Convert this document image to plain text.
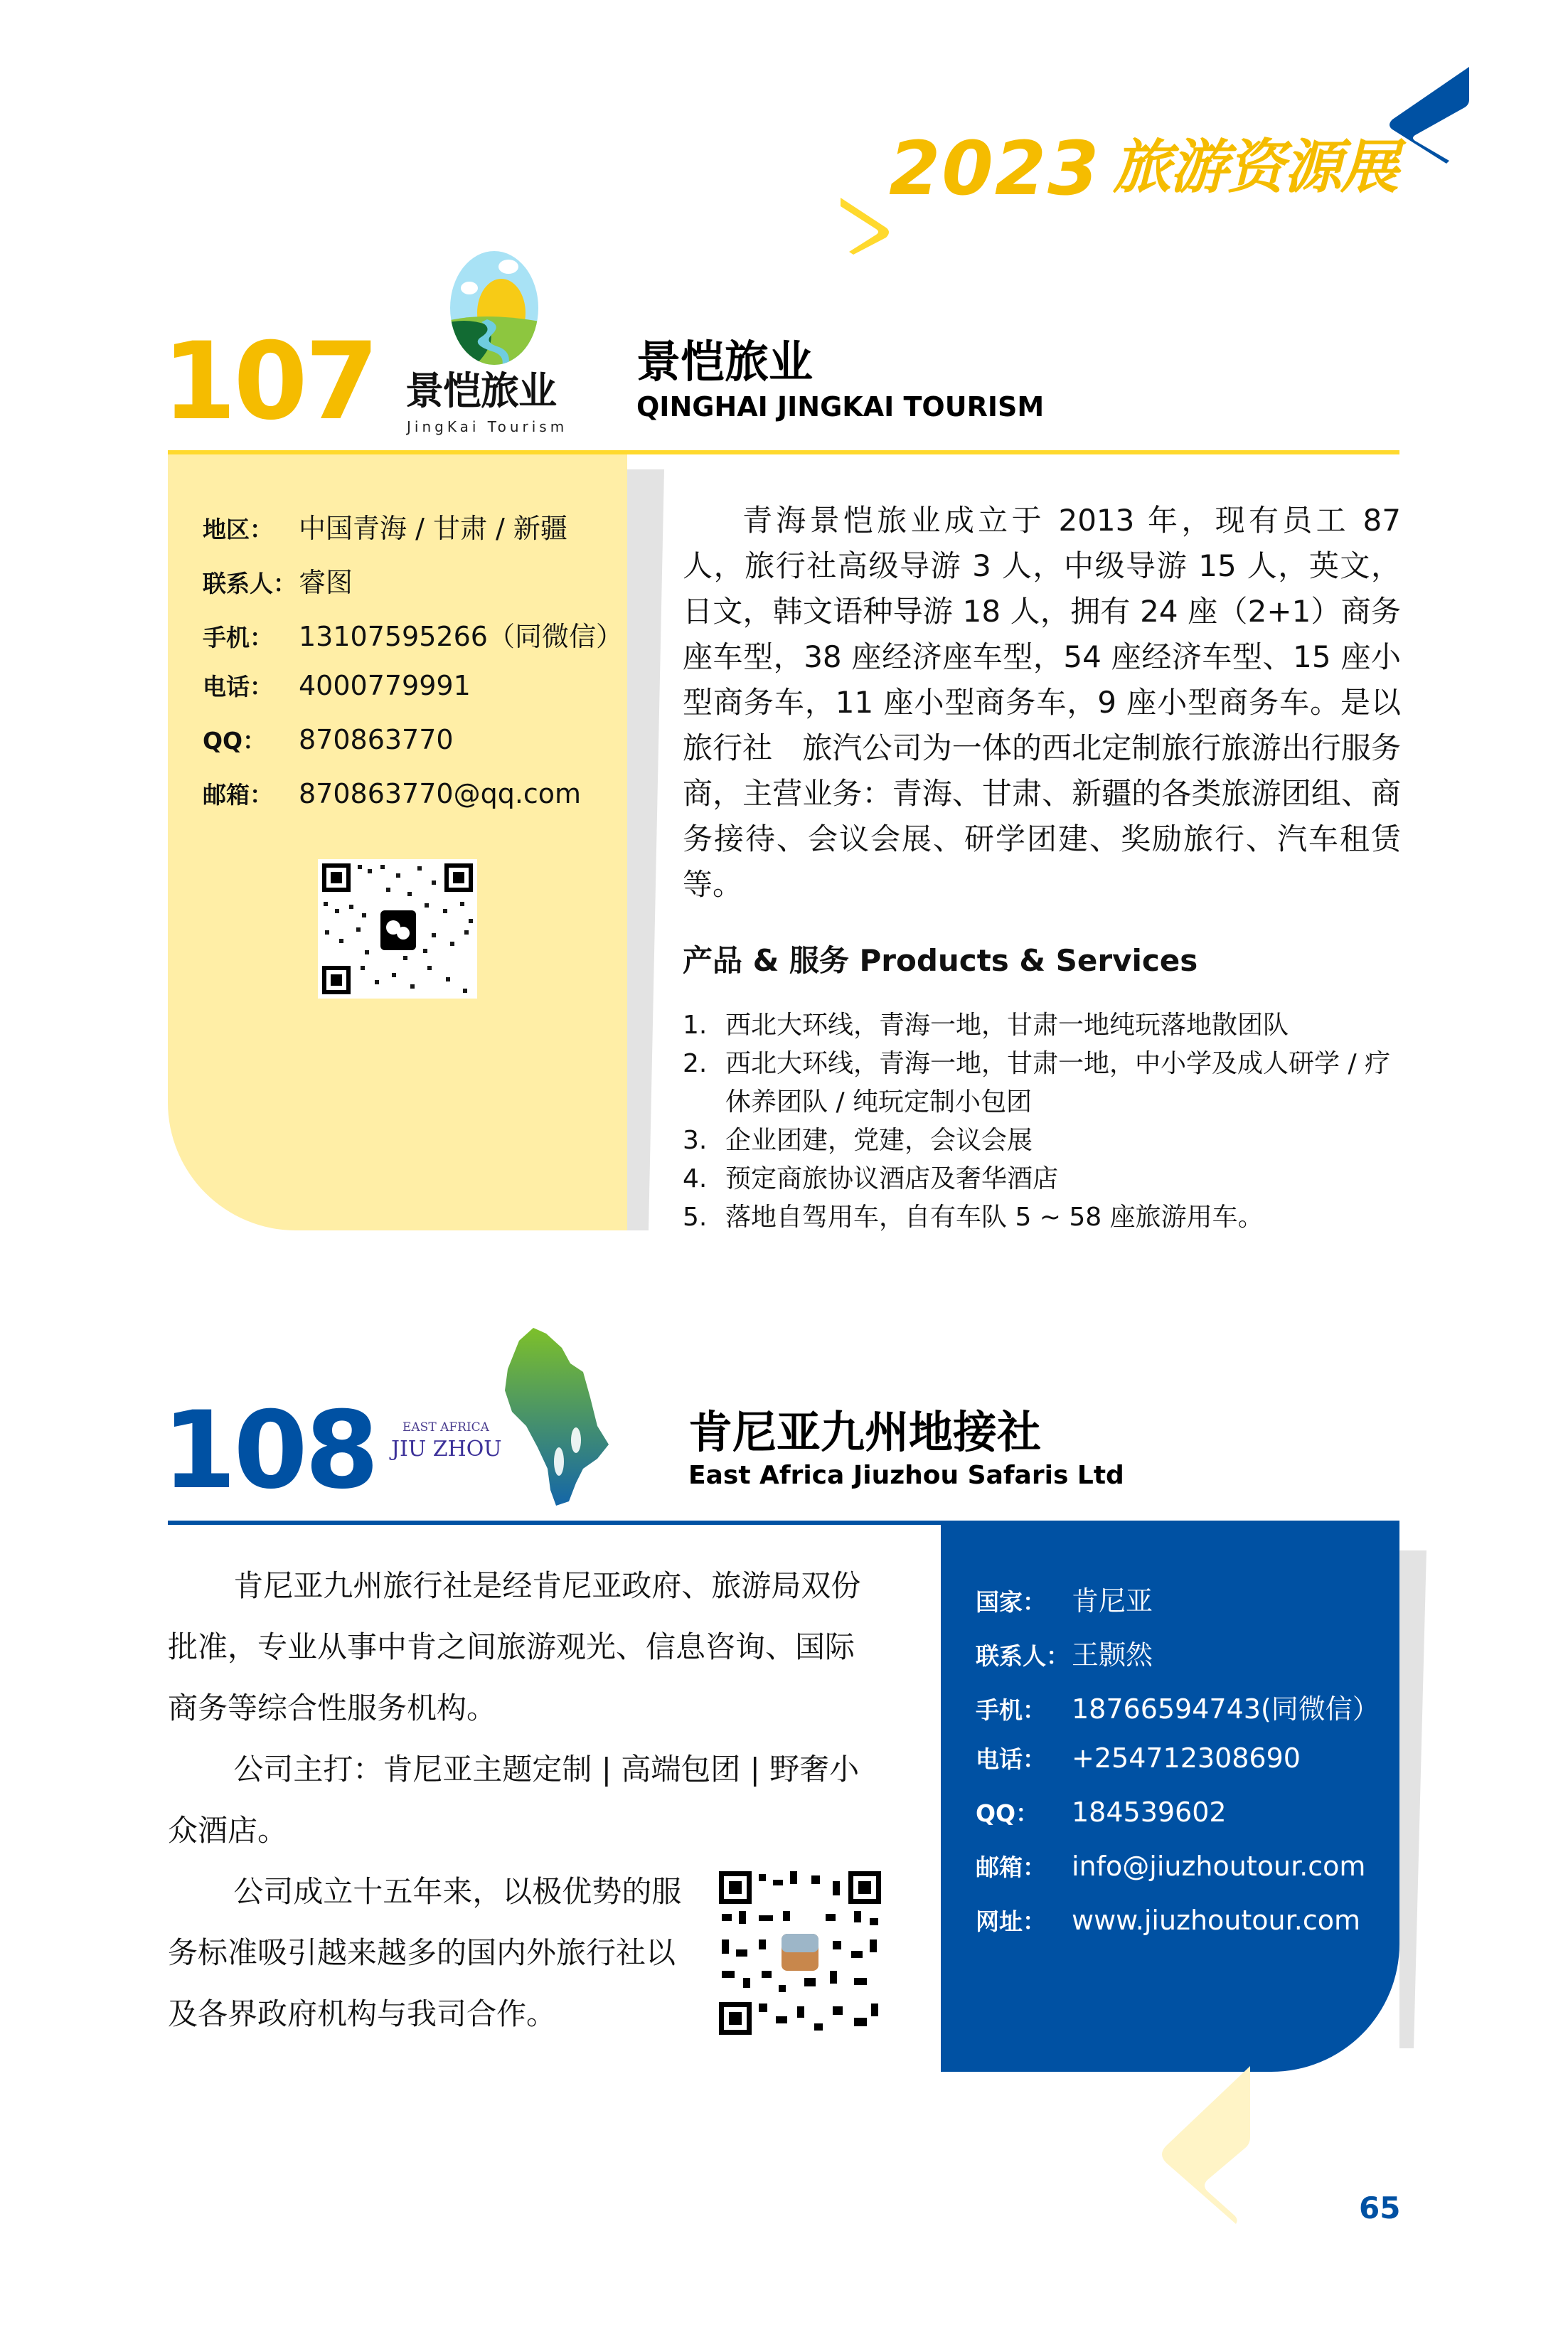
2023 旅游资源展
107 景恺旅业
JingKai Tourism
景恺旅业
QINGHAI JINGKAI TOURISM
地区： 中国青海 / 甘肃 / 新疆
联系人： 睿图
手机： 13107595266（同微信）
电话： 4000779991
QQ：	870863770
邮箱： 870863770@qq.com
青海景恺旅业成立于 2013 年，现有员工 87 人，旅行社高级导游 3 人，中级导游 15 人，英文，日文，韩文语种导游 18 人，拥有 24 座（2+1）商务座车型，38 座经济座车型，54 座经济车型、15 座小型商务车，11 座小型商务车，9 座小型商务车。是以旅行社　旅汽公司为一体的西北定制旅行旅游出行服务商，主营业务：青海、甘肃、新疆的各类旅游团组、商务接待、会议会展、研学团建、奖励旅行、汽车租赁等。
产品 & 服务 Products & Services
1. 西北大环线，青海一地，甘肃一地纯玩落地散团队
2. 西北大环线，青海一地，甘肃一地，中小学及成人研学 / 疗休养团队 / 纯玩定制小包团
3. 企业团建，党建，会议会展
4. 预定商旅协议酒店及奢华酒店
5. 落地自驾用车，自有车队 5 ~ 58 座旅游用车。
108 EAST AFRICA
JIU ZHOU	肯尼亚九州地接社
East Africa Jiuzhou Safaris Ltd
肯尼亚九州旅行社是经肯尼亚政府、旅游局双份批准，专业从事中肯之间旅游观光、信息咨询、国际商务等综合性服务机构。
公司主打：肯尼亚主题定制 | 高端包团 | 野奢小众酒店。
公司成立十五年来，以极优势的服务标准吸引越来越多的国内外旅行社以及各界政府机构与我司合作。
国家： 肯尼亚
联系人： 王颢然
手机： 18766594743(同微信）
电话： +254712308690
QQ：	184539602
邮箱： info@jiuzhoutour.com
网址： www.jiuzhoutour.com
65
